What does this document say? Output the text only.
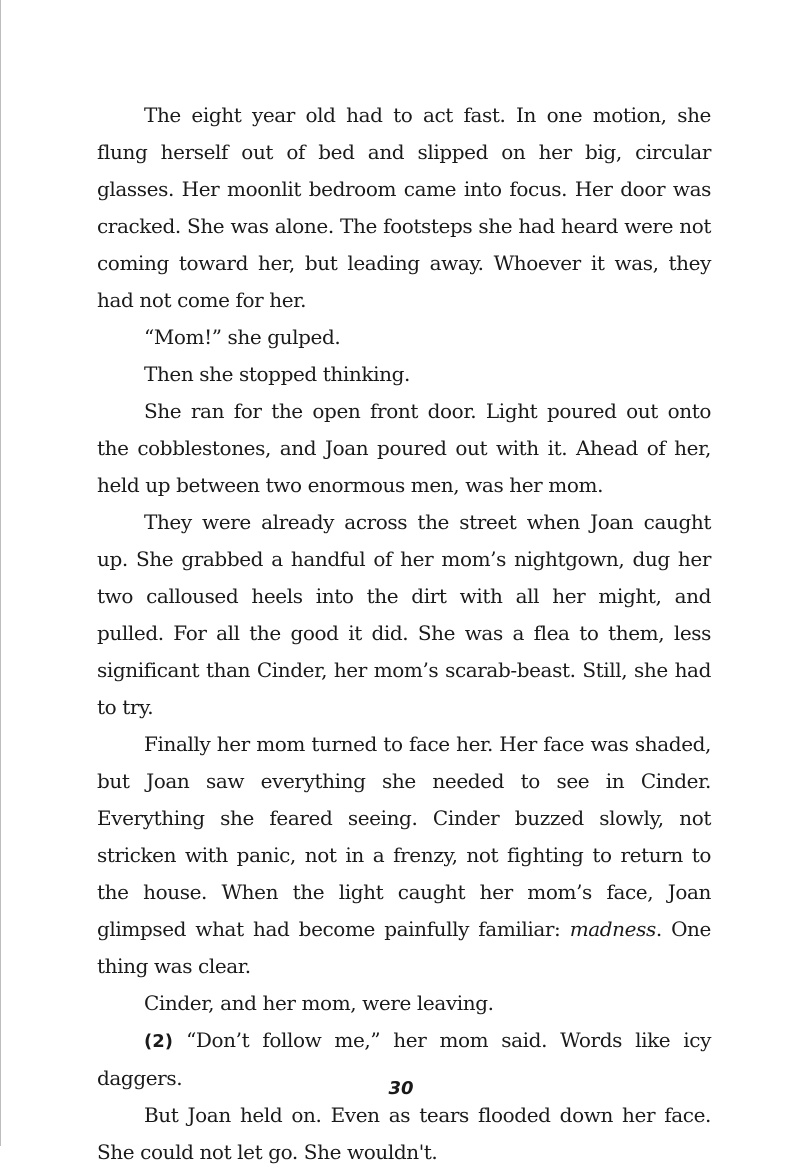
The eight year old had to act fast. In one motion, she flung herself out of bed and slipped on her big, circular glasses. Her moonlit bedroom came into focus. Her door was cracked. She was alone. The footsteps she had heard were not coming toward her, but leading away. Whoever it was, they had not come for her.

“Mom!” she gulped.

Then she stopped thinking.

She ran for the open front door. Light poured out onto the cobblestones, and Joan poured out with it. Ahead of her, held up between two enormous men, was her mom.

They were already across the street when Joan caught up. She grabbed a handful of her mom’s nightgown, dug her two calloused heels into the dirt with all her might, and pulled. For all the good it did. She was a flea to them, less significant than Cinder, her mom’s scarab-beast. Still, she had to try.

Finally her mom turned to face her. Her face was shaded, but Joan saw everything she needed to see in Cinder. Everything she feared seeing. Cinder buzzed slowly, not stricken with panic, not in a frenzy, not fighting to return to the house. When the light caught her mom’s face, Joan glimpsed what had become painfully familiar: madness. One thing was clear.

Cinder, and her mom, were leaving.

(2) “Don’t follow me,” her mom said. Words like icy daggers.

But Joan held on. Even as tears flooded down her face. She could not let go. She wouldn't.

30
